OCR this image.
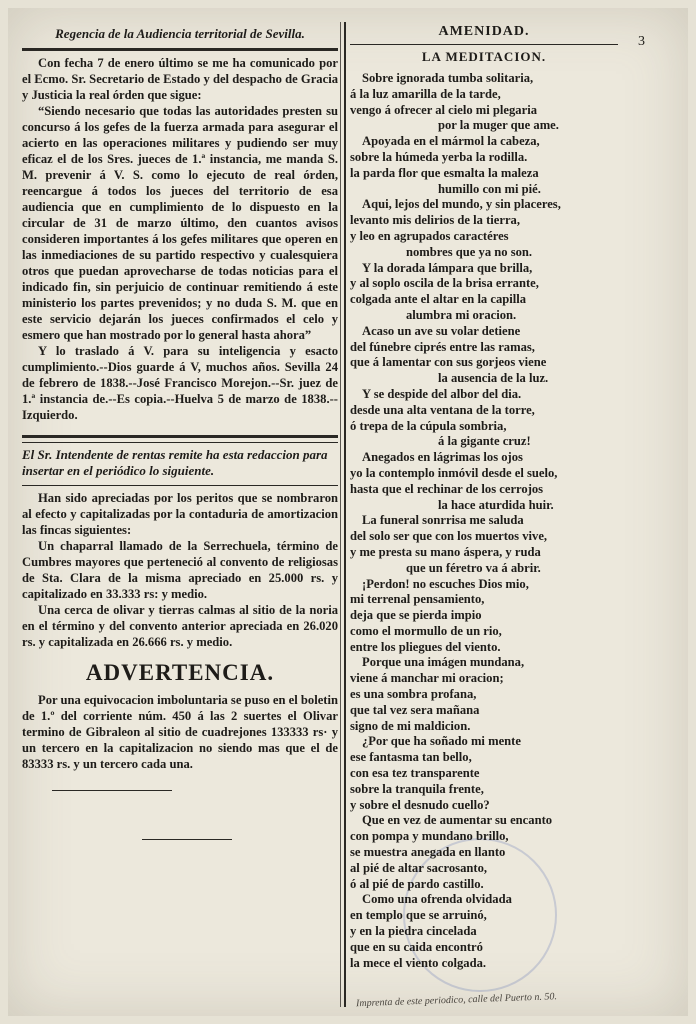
3
Regencia de la Audiencia territorial de Sevilla.

Con fecha 7 de enero último se me ha comunicado por el Ecmo. Sr. Secretario de Estado y del despacho de Gracia y Justicia la real órden que sigue:

“Siendo necesario que todas las autoridades presten su concurso á los gefes de la fuerza armada para asegurar el acierto en las operaciones militares y pudiendo ser muy eficaz el de los Sres. jueces de 1.ª instancia, me manda S. M. prevenir á V. S. como lo ejecuto de real órden, reencargue á todos los jueces del territorio de esa audiencia que en cumplimiento de lo dispuesto en la circular de 31 de marzo último, den cuantos avisos consideren importantes á los gefes militares que operen en las inmediaciones de su partido respectivo y cualesquiera otros que puedan aprovecharse de todas noticias para el indicado fin, sin perjuicio de continuar remitiendo á este ministerio los partes prevenidos; y no duda S. M. que en este servicio dejarán los jueces confirmados el celo y esmero que han mostrado por lo general hasta ahora”

Y lo traslado á V. para su inteligencia y esacto cumplimiento.--Dios guarde á V, muchos años. Sevilla 24 de febrero de 1838.--José Francisco Morejon.--Sr. juez de 1.ª instancia de.--Es copia.--Huelva 5 de marzo de 1838.--Izquierdo.

El Sr. Intendente de rentas remite ha esta redaccion para insertar en el periódico lo siguiente.

Han sido apreciadas por los peritos que se nombraron al efecto y capitalizadas por la contaduria de amortizacion las fincas siguientes:

Un chaparral llamado de la Serrechuela, término de Cumbres mayores que perteneció al convento de religiosas de Sta. Clara de la misma apreciado en 25.000 rs. y capitalizado en 33.333 rs: y medio.

Una cerca de olivar y tierras calmas al sitio de la noria en el término y del convento anterior apreciada en 26.020 rs. y capitalizada en 26.666 rs. y medio.

ADVERTENCIA.

Por una equivocacion imboluntaria se puso en el boletin de 1.º del corriente núm. 450 á las 2 suertes el Olivar termino de Gibraleon al sitio de cuadrejones 133333 rs· y un tercero en la capitalizacion no siendo mas que el de 83333 rs. y un tercero cada una.

AMENIDAD.
LA MEDITACION.
Sobre ignorada tumba solitaria,
á la luz amarilla de la tarde,
vengo á ofrecer al cielo mi plegaria
por la muger que ame.
Apoyada en el mármol la cabeza,
sobre la húmeda yerba la rodilla.
la parda flor que esmalta la maleza
humillo con mi pié.
Aqui, lejos del mundo, y sin placeres,
levanto mis delirios de la tierra,
y leo en agrupados caractéres
nombres que ya no son.
Y la dorada lámpara que brilla,
y al soplo oscila de la brisa errante,
colgada ante el altar en la capilla
alumbra mi oracion.
Acaso un ave su volar detiene
del fúnebre ciprés entre las ramas,
que á lamentar con sus gorjeos viene
la ausencia de la luz.
Y se despide del albor del dia.
desde una alta ventana de la torre,
ó trepa de la cúpula sombria,
á la gigante cruz!
Anegados en lágrimas los ojos
yo la contemplo inmóvil desde el suelo,
hasta que el rechinar de los cerrojos
la hace aturdida huir.
La funeral sonrrisa me saluda
del solo ser que con los muertos vive,
y me presta su mano áspera, y ruda
que un féretro va á abrir.
¡Perdon! no escuches Dios mio,
mi terrenal pensamiento,
deja que se pierda impio
como el mormullo de un rio,
entre los pliegues del viento.
Porque una imágen mundana,
viene á manchar mi oracion;
es una sombra profana,
que tal vez sera mañana
signo de mi maldicion.
¿Por que ha soñado mi mente
ese fantasma tan bello,
con esa tez transparente
sobre la tranquila frente,
y sobre el desnudo cuello?
Que en vez de aumentar su encanto
con pompa y mundano brillo,
se muestra anegada en llanto
al pié de altar sacrosanto,
ó al pié de pardo castillo.
Como una ofrenda olvidada
en templo que se arruinó,
y en la piedra cincelada
que en su caida encontró
la mece el viento colgada.
Imprenta de este periodico, calle del Puerto n. 50.
